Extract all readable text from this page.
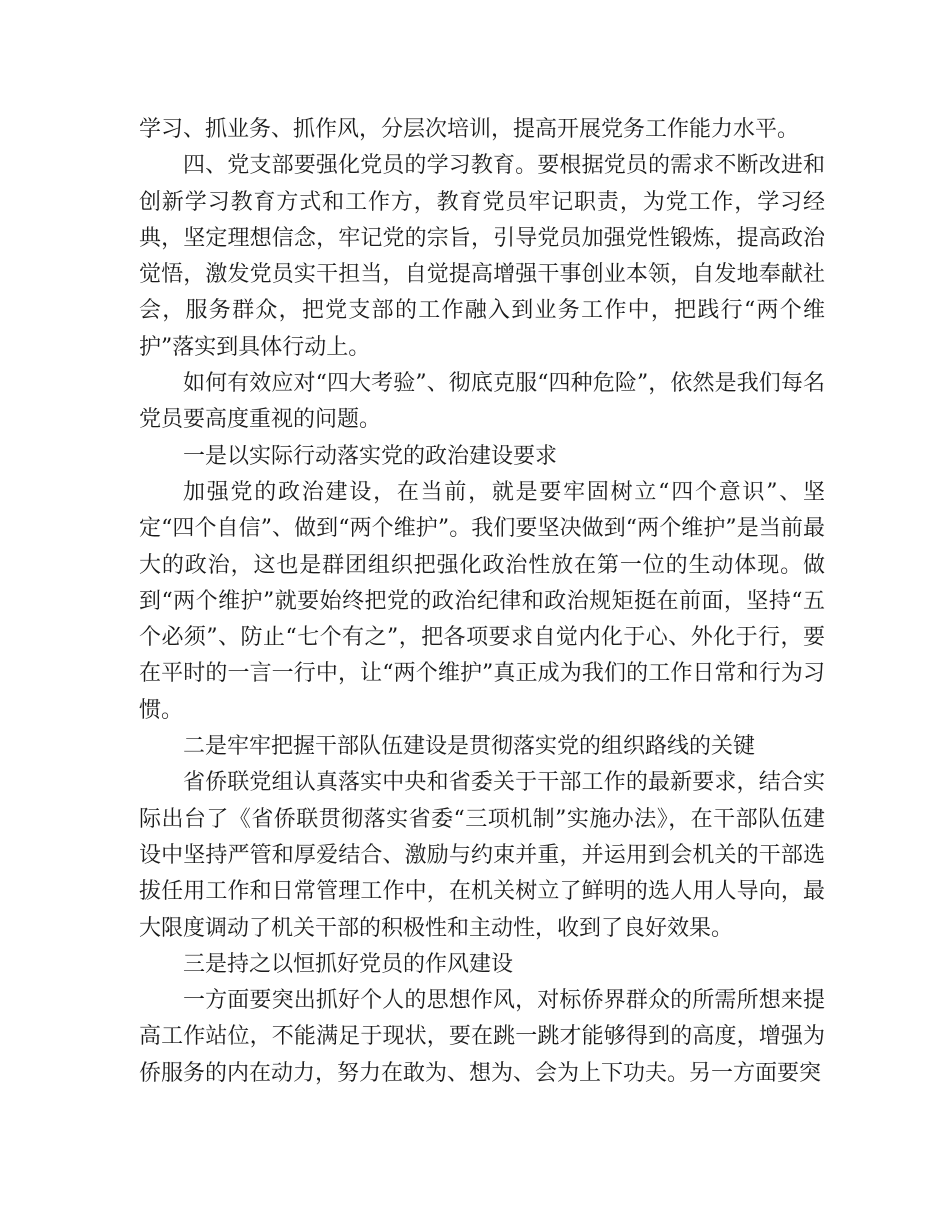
学习、抓业务、抓作风，分层次培训，提高开展党务工作能力水平。

四、党支部要强化党员的学习教育。要根据党员的需求不断改进和创新学习教育方式和工作方，教育党员牢记职责，为党工作，学习经典，坚定理想信念，牢记党的宗旨，引导党员加强党性锻炼，提高政治觉悟，激发党员实干担当，自觉提高增强干事创业本领，自发地奉献社会，服务群众，把党支部的工作融入到业务工作中，把践行“两个维护”落实到具体行动上。

如何有效应对“四大考验”、彻底克服“四种危险”，依然是我们每名党员要高度重视的问题。

一是以实际行动落实党的政治建设要求

加强党的政治建设，在当前，就是要牢固树立“四个意识”、坚定“四个自信”、做到“两个维护”。我们要坚决做到“两个维护”是当前最大的政治，这也是群团组织把强化政治性放在第一位的生动体现。做到“两个维护”就要始终把党的政治纪律和政治规矩挺在前面，坚持“五个必须”、防止“七个有之”，把各项要求自觉内化于心、外化于行，要在平时的一言一行中，让“两个维护”真正成为我们的工作日常和行为习惯。

二是牢牢把握干部队伍建设是贯彻落实党的组织路线的关键

省侨联党组认真落实中央和省委关于干部工作的最新要求，结合实际出台了《省侨联贯彻落实省委“三项机制”实施办法》，在干部队伍建设中坚持严管和厚爱结合、激励与约束并重，并运用到会机关的干部选拔任用工作和日常管理工作中，在机关树立了鲜明的选人用人导向，最大限度调动了机关干部的积极性和主动性，收到了良好效果。

三是持之以恒抓好党员的作风建设

一方面要突出抓好个人的思想作风，对标侨界群众的所需所想来提高工作站位，不能满足于现状，要在跳一跳才能够得到的高度，增强为侨服务的内在动力，努力在敢为、想为、会为上下功夫。另一方面要突
